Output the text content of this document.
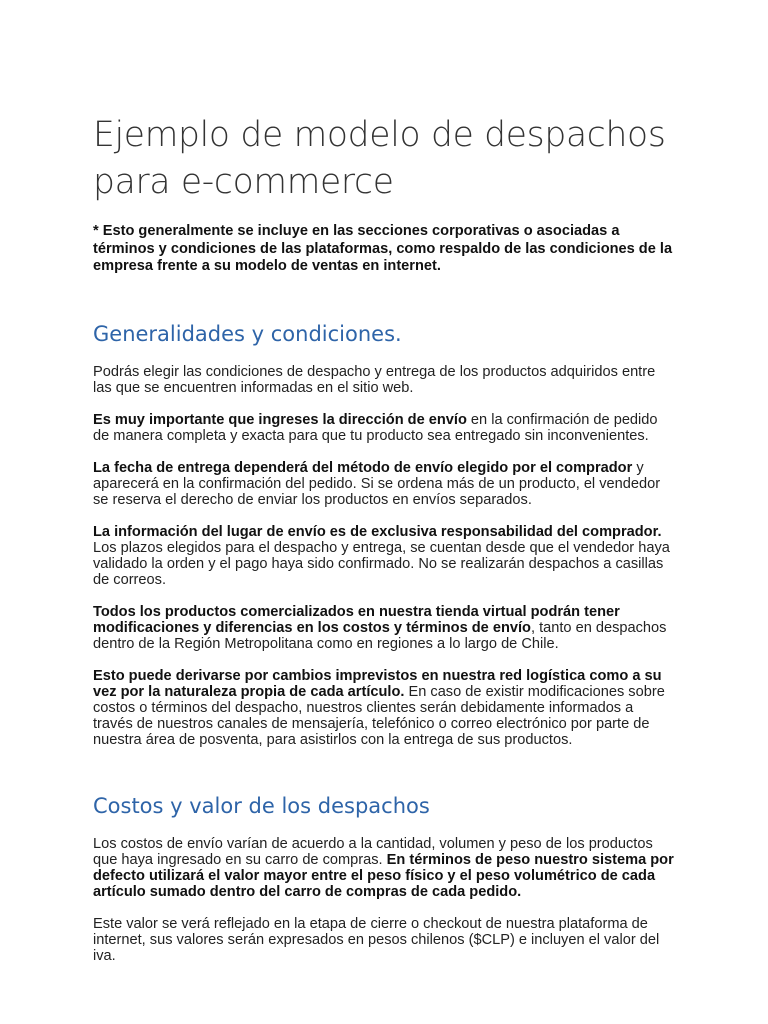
Ejemplo de modelo de despachos
para e-commerce

* Esto generalmente se incluye en las secciones corporativas o asociadas a términos y condiciones de las plataformas, como respaldo de las condiciones de la empresa frente a su modelo de ventas en internet.

Generalidades y condiciones.

Podrás elegir las condiciones de despacho y entrega de los productos adquiridos entre las que se encuentren informadas en el sitio web.

Es muy importante que ingreses la dirección de envío en la confirmación de pedido de manera completa y exacta para que tu producto sea entregado sin inconvenientes.

La fecha de entrega dependerá del método de envío elegido por el comprador y aparecerá en la confirmación del pedido. Si se ordena más de un producto, el vendedor se reserva el derecho de enviar los productos en envíos separados.

La información del lugar de envío es de exclusiva responsabilidad del comprador. Los plazos elegidos para el despacho y entrega, se cuentan desde que el vendedor haya validado la orden y el pago haya sido confirmado. No se realizarán despachos a casillas de correos.

Todos los productos comercializados en nuestra tienda virtual podrán tener modificaciones y diferencias en los costos y términos de envío, tanto en despachos dentro de la Región Metropolitana como en regiones a lo largo de Chile.

Esto puede derivarse por cambios imprevistos en nuestra red logística como a su vez por la naturaleza propia de cada artículo. En caso de existir modificaciones sobre costos o términos del despacho, nuestros clientes serán debidamente informados a través de nuestros canales de mensajería, telefónico o correo electrónico por parte de nuestra área de posventa, para asistirlos con la entrega de sus productos.

Costos y valor de los despachos

Los costos de envío varían de acuerdo a la cantidad, volumen y peso de los productos que haya ingresado en su carro de compras. En términos de peso nuestro sistema por defecto utilizará el valor mayor entre el peso físico y el peso volumétrico de cada artículo sumado dentro del carro de compras de cada pedido.

Este valor se verá reflejado en la etapa de cierre o checkout de nuestra plataforma de internet, sus valores serán expresados en pesos chilenos ($CLP) e incluyen el valor del iva.
